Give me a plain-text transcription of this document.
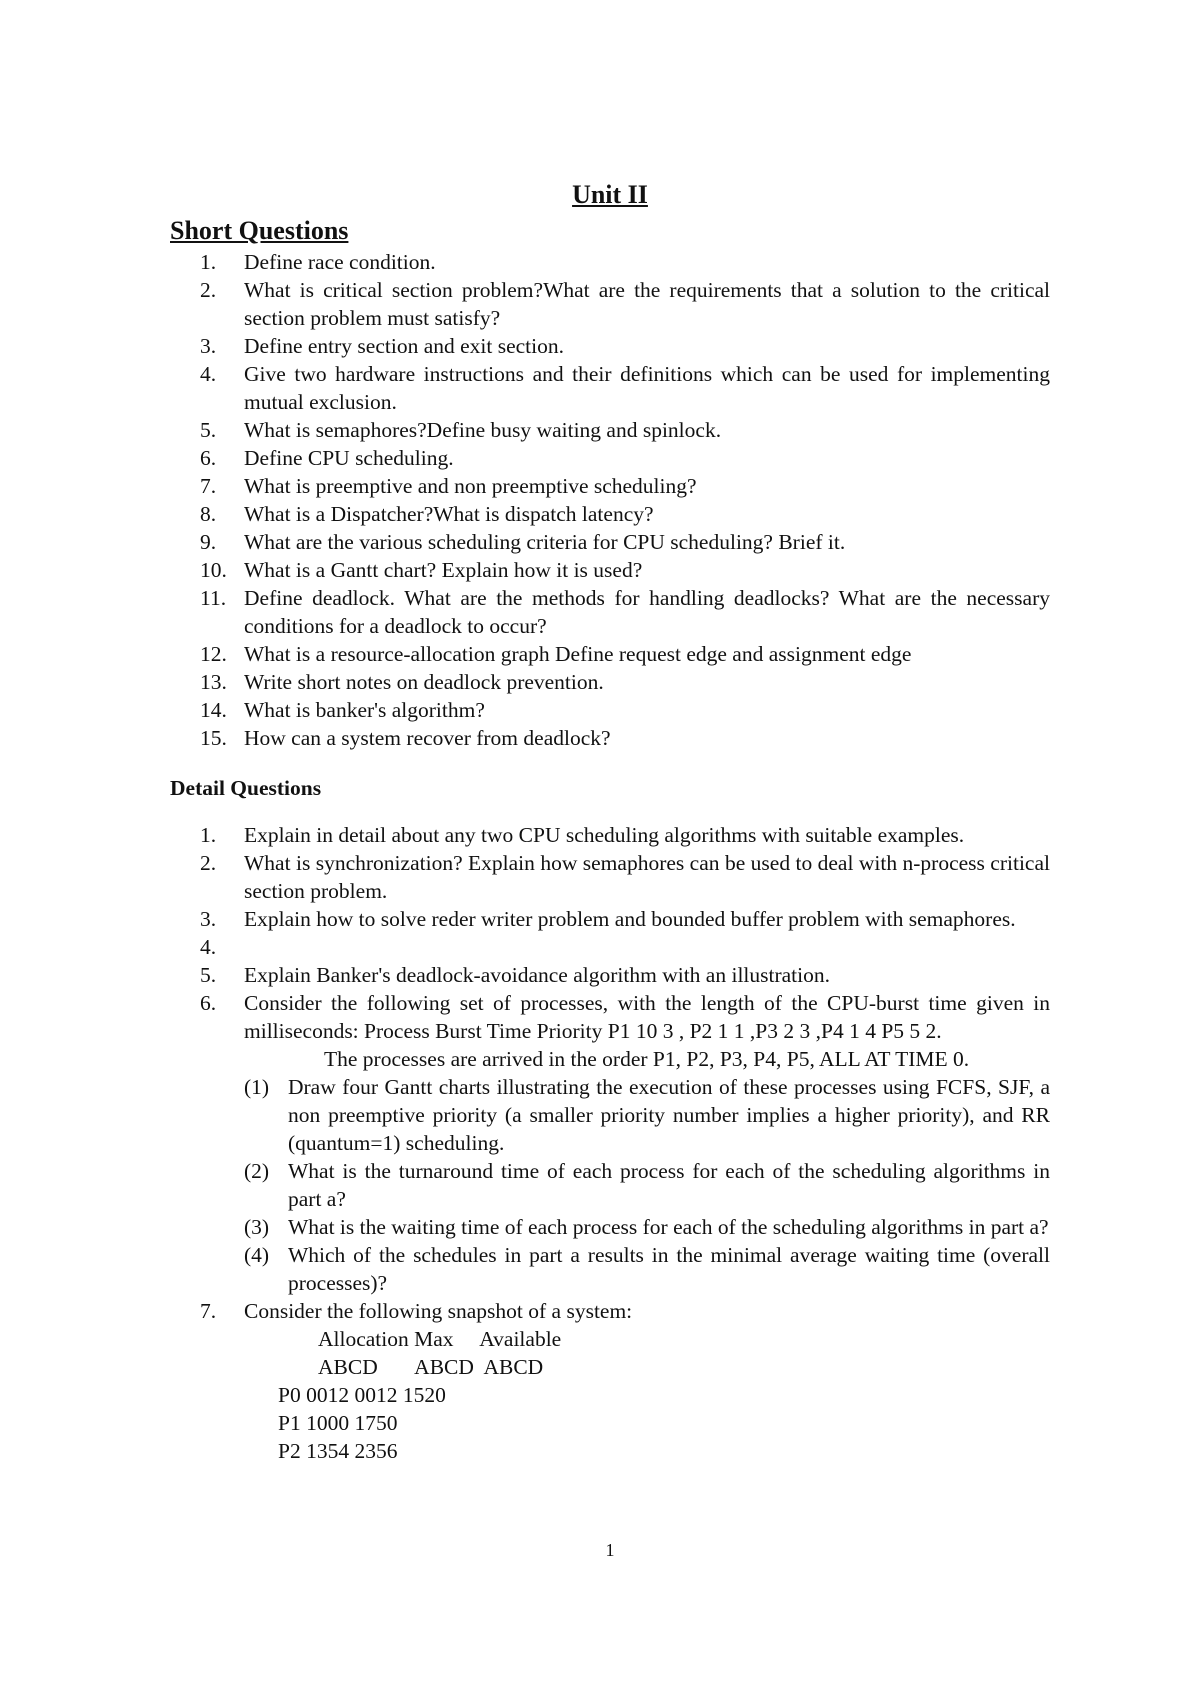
Unit II
Short Questions
1. Define race condition.
2. What is critical section problem?What are the requirements that a solution to the critical section problem must satisfy?
3. Define entry section and exit section.
4. Give two hardware instructions and their definitions which can be used for implementing mutual exclusion.
5. What is semaphores?Define busy waiting and spinlock.
6. Define CPU scheduling.
7. What is preemptive and non preemptive scheduling?
8. What is a Dispatcher?What is dispatch latency?
9. What are the various scheduling criteria for CPU scheduling? Brief it.
10. What is a Gantt chart? Explain how it is used?
11. Define deadlock. What are the methods for handling deadlocks? What are the necessary conditions for a deadlock to occur?
12. What is a resource-allocation graph Define request edge and assignment edge
13. Write short notes on deadlock prevention.
14. What is banker's algorithm?
15. How can a system recover from deadlock?
Detail Questions
1. Explain in detail about any two CPU scheduling algorithms with suitable examples.
2. What is synchronization? Explain how semaphores can be used to deal with n-process critical section problem.
3. Explain how to solve reder writer problem and bounded buffer problem with semaphores.
4.

5. Explain Banker's deadlock-avoidance algorithm with an illustration.
6. Consider the following set of processes, with the length of the CPU-burst time given in milliseconds: Process Burst Time Priority P1 10 3 , P2 1 1 ,P3 2 3 ,P4 1 4 P5 5 2.
The processes are arrived in the order P1, P2, P3, P4, P5, ALL AT TIME 0.
(1) Draw four Gantt charts illustrating the execution of these processes using FCFS, SJF, a non preemptive priority (a smaller priority number implies a higher priority), and RR (quantum=1) scheduling.
(2) What is the turnaround time of each process for each of the scheduling algorithms in part a?
(3) What is the waiting time of each process for each of the scheduling algorithms in part a?
(4) Which of the schedules in part a results in the minimal average waiting time (overall processes)?
7. Consider the following snapshot of a system:
Allocation Max     Available
ABCD       ABCD  ABCD
P0 0012 0012 1520
P1 1000 1750
P2 1354 2356
1
